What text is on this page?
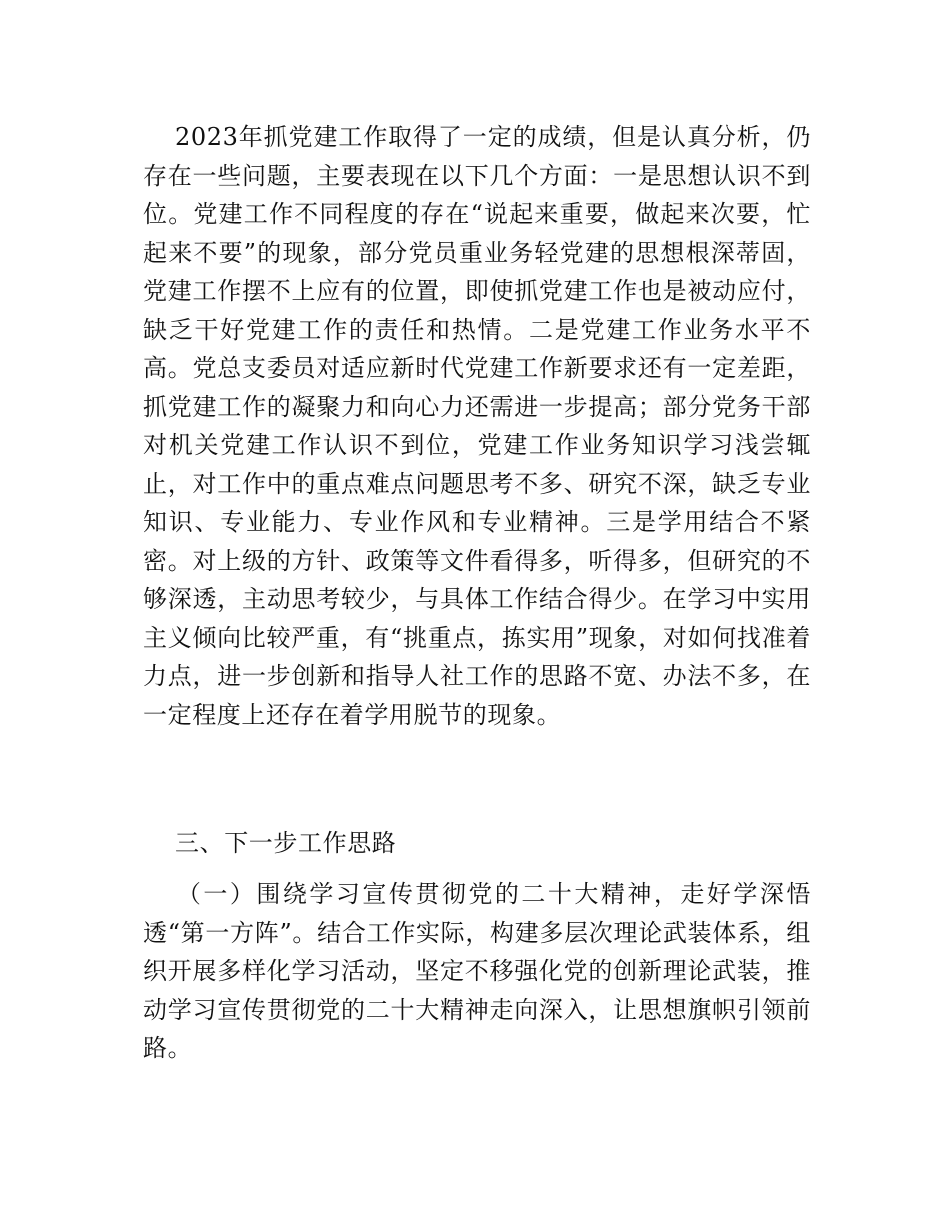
2023年抓党建工作取得了一定的成绩，但是认真分析，仍存在一些问题，主要表现在以下几个方面：一是思想认识不到位。党建工作不同程度的存在“说起来重要，做起来次要，忙起来不要”的现象，部分党员重业务轻党建的思想根深蒂固，党建工作摆不上应有的位置，即使抓党建工作也是被动应付，缺乏干好党建工作的责任和热情。二是党建工作业务水平不高。党总支委员对适应新时代党建工作新要求还有一定差距，抓党建工作的凝聚力和向心力还需进一步提高；部分党务干部对机关党建工作认识不到位，党建工作业务知识学习浅尝辄止，对工作中的重点难点问题思考不多、研究不深，缺乏专业知识、专业能力、专业作风和专业精神。三是学用结合不紧密。对上级的方针、政策等文件看得多，听得多，但研究的不够深透，主动思考较少，与具体工作结合得少。在学习中实用主义倾向比较严重，有“挑重点，拣实用”现象，对如何找准着力点，进一步创新和指导人社工作的思路不宽、办法不多，在一定程度上还存在着学用脱节的现象。

三、下一步工作思路

（一）围绕学习宣传贯彻党的二十大精神，走好学深悟透“第一方阵”。结合工作实际，构建多层次理论武装体系，组织开展多样化学习活动，坚定不移强化党的创新理论武装，推动学习宣传贯彻党的二十大精神走向深入，让思想旗帜引领前路。
